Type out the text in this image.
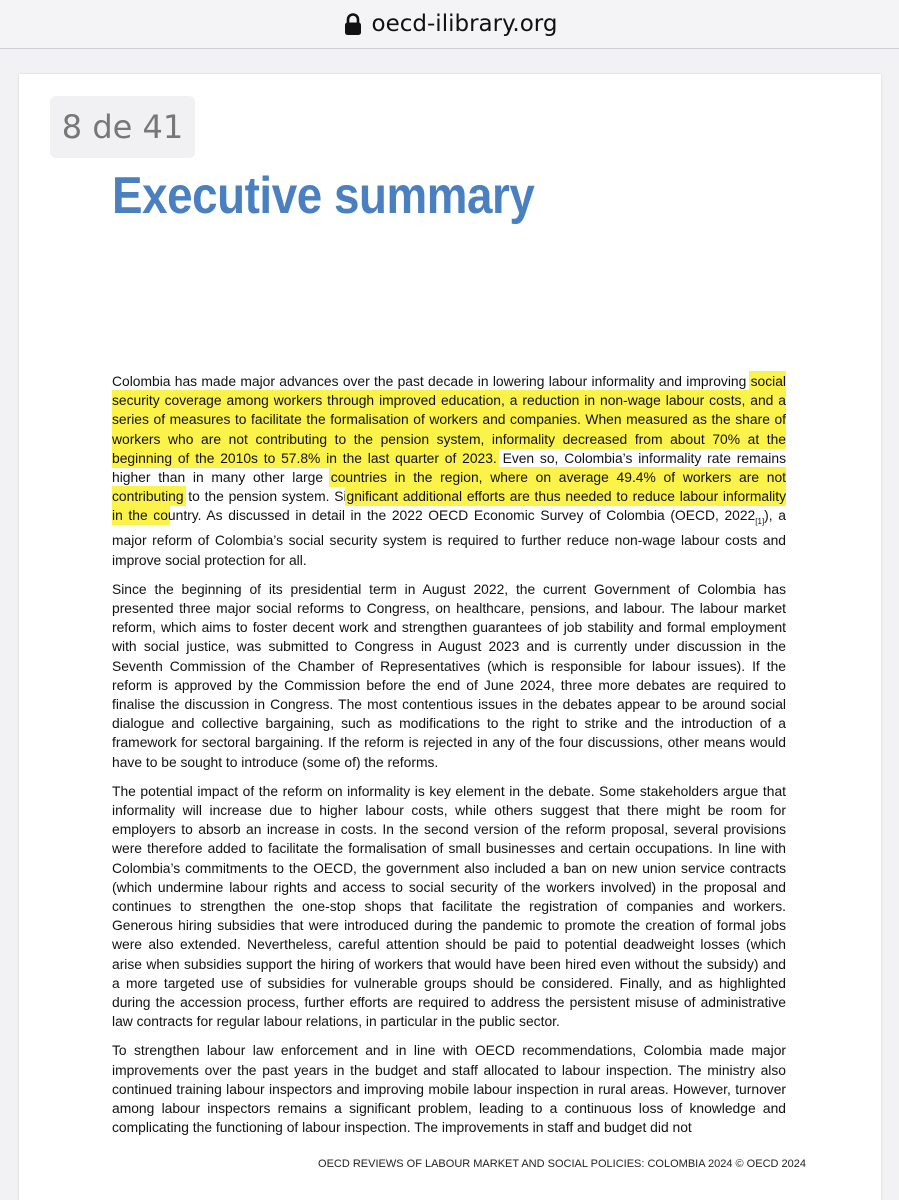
oecd-ilibrary.org
8 de 41
Executive summary

Colombia has made major advances over the past decade in lowering labour informality and improving social security coverage among workers through improved education, a reduction in non-wage labour costs, and a series of measures to facilitate the formalisation of workers and companies. When measured as the share of workers who are not contributing to the pension system, informality decreased from about 70% at the beginning of the 2010s to 57.8% in the last quarter of 2023. Even so, Colombia’s informality rate remains higher than in many other large countries in the region, where on average 49.4% of workers are not contributing to the pension system. Significant additional efforts are thus needed to reduce labour informality in the country. As discussed in detail in the 2022 OECD Economic Survey of Colombia (OECD, $2022_{[1]}$), a major reform of Colombia’s social security system is required to further reduce non-wage labour costs and improve social protection for all.

Since the beginning of its presidential term in August 2022, the current Government of Colombia has presented three major social reforms to Congress, on healthcare, pensions, and labour. The labour market reform, which aims to foster decent work and strengthen guarantees of job stability and formal employment with social justice, was submitted to Congress in August 2023 and is currently under discussion in the Seventh Commission of the Chamber of Representatives (which is responsible for labour issues). If the reform is approved by the Commission before the end of June 2024, three more debates are required to finalise the discussion in Congress. The most contentious issues in the debates appear to be around social dialogue and collective bargaining, such as modifications to the right to strike and the introduction of a framework for sectoral bargaining. If the reform is rejected in any of the four discussions, other means would have to be sought to introduce (some of) the reforms.

The potential impact of the reform on informality is key element in the debate. Some stakeholders argue that informality will increase due to higher labour costs, while others suggest that there might be room for employers to absorb an increase in costs. In the second version of the reform proposal, several provisions were therefore added to facilitate the formalisation of small businesses and certain occupations. In line with Colombia’s commitments to the OECD, the government also included a ban on new union service contracts (which undermine labour rights and access to social security of the workers involved) in the proposal and continues to strengthen the one-stop shops that facilitate the registration of companies and workers. Generous hiring subsidies that were introduced during the pandemic to promote the creation of formal jobs were also extended. Nevertheless, careful attention should be paid to potential deadweight losses (which arise when subsidies support the hiring of workers that would have been hired even without the subsidy) and a more targeted use of subsidies for vulnerable groups should be considered. Finally, and as highlighted during the accession process, further efforts are required to address the persistent misuse of administrative law contracts for regular labour relations, in particular in the public sector.

To strengthen labour law enforcement and in line with OECD recommendations, Colombia made major improvements over the past years in the budget and staff allocated to labour inspection. The ministry also continued training labour inspectors and improving mobile labour inspection in rural areas. However, turnover among labour inspectors remains a significant problem, leading to a continuous loss of knowledge and complicating the functioning of labour inspection. The improvements in staff and budget did not

OECD REVIEWS OF LABOUR MARKET AND SOCIAL POLICIES: COLOMBIA 2024 © OECD 2024
